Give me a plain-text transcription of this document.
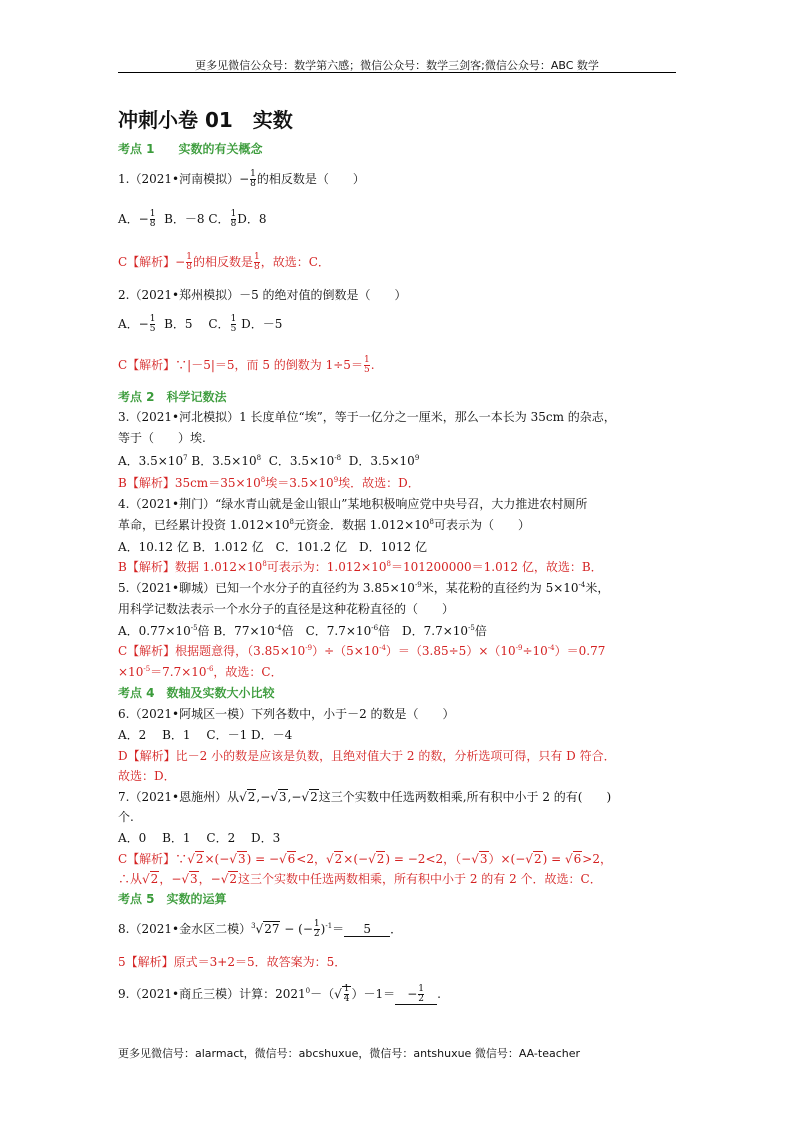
更多见微信公众号：数学第六感；微信公众号：数学三剑客;微信公众号：ABC 数学
冲刺小卷 01　实数
考点 1　　实数的有关概念
1.（2021•河南模拟）− $\frac{1}{8}$ 的相反数是（　　）
A．− $\frac{1}{8}$ B．－8 C． $\frac{1}{8}$ D．8
C【解析】− $\frac{1}{8}$ 的相反数是 $\frac{1}{8}$ ，故选：C．
2.（2021•郑州模拟）－5 的绝对值的倒数是（　　）
A．− $\frac{1}{5}$ B．5　 C． $\frac{1}{5}$ D．－5
C【解析】∵|－5|＝5，而 5 的倒数为 $1\div 5= \frac{1}{5}$ .
考点 2　科学记数法
3.（2021•河北模拟）1 长度单位“埃”，等于一亿分之一厘米，那么一本长为 35cm 的杂志，
等于（　　）埃.
A．$3.5\times 10^7$ B．$3.5\times 10^8$ C．$3.5\times 10^{-8}$ D．$3.5\times 10^9$
B【解析】$35cm=35\times 10^8$埃$=3.5\times 10^9$埃．故选：D．
4.（2021•荆门）“绿水青山就是金山银山”某地积极响应党中央号召，大力推进农村厕所
革命，已经累计投资 $1.012\times 10^8$元资金．数据 $1.012\times 10^8$可表示为（　　）
A．10.12 亿 B．1.012 亿　C．101.2 亿　D．1012 亿
B【解析】数据 $1.012\times 10^8$可表示为：$1.012\times 10^8=101200000=1.012$ 亿，故选：B．
5.（2021•聊城）已知一个水分子的直径约为 $3.85\times 10^{-9}$米，某花粉的直径约为 $5\times 10^{-4}$米，
用科学记数法表示一个水分子的直径是这种花粉直径的（　　）
A．$0.77\times 10^{-5}$倍 B．$77\times 10^{-4}$倍　C．$7.7\times 10^{-6}$倍　D．$7.7\times 10^{-5}$倍
C【解析】根据题意得，$(3.85\times 10^{-9})\div(5\times 10^{-4})=(3.85\div 5)\times(10^{-9}\div 10^{-4})=0.77$
$\times 10^{-5}=7.7\times 10^{-6}$，故选：C．
考点 4　数轴及实数大小比较
6.（2021•阿城区一模）下列各数中，小于－2 的数是（　　）
A．2　 B．1　 C．－1 D．－4
D【解析】比－2 小的数是应该是负数，且绝对值大于 2 的数，分析选项可得，只有 D 符合．
故选：D．
7.（2021•恩施州）从√2,−√3,−√2这三个实数中任选两数相乘,所有积中小于 2 的有(　　)
个.
A．0　 B．1　 C．2　 D．3
C【解析】∵√2×(−√3) = −√6<2，√2×(−√2) = −2<2，（−√3）×(−√2) = √6>2，
∴从√2，−√3，−√2这三个实数中任选两数相乘，所有积中小于 2 的有 2 个．故选：C．
考点 5　实数的运算
8.（2021•金水区二模）$^3$√27 − (− $\frac{1}{2} )^{-1}= 5$ ．
5【解析】原式＝3+2＝5．故答案为：5．
9.（2021•商丘三模）计算：$2021^0-(√ \frac{1}{4} )-1= - \frac{1}{2}$ .
更多见微信号：alarmact，微信号：abcshuxue，微信号：antshuxue 微信号：AA-teacher
